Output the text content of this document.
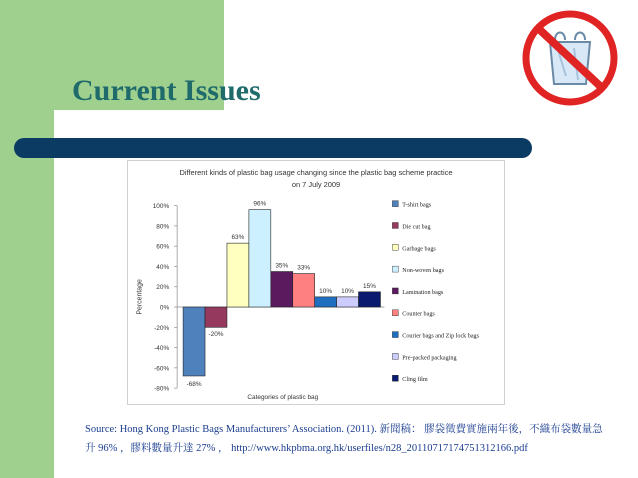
Current Issues
Different kinds of plastic bag usage changing since the plastic bag scheme practice
on 7 July 2009
100%
80%
60%
40%
20%
0%
-20%
-40%
-60%
-80%
Percentage
Categories of plastic bag
-68%
-20%
63%
96%
35% 33%
10% 10%
15%
T-shirt bags
Die cut bag
Garbage bags
Non-woven bags
Lamination bags
Counter bags
Courier bags and Zip lock bags
Pre-packed packaging
Cling film
Source: Hong Kong Plastic Bags Manufacturers’ Association. (2011). 新聞稿： 膠袋徵費實施兩年後，不織布袋數量急升 96% ，膠料數量升達 27% ， http://www.hkpbma.org.hk/userfiles/n28_20110717174751312166.pdf
